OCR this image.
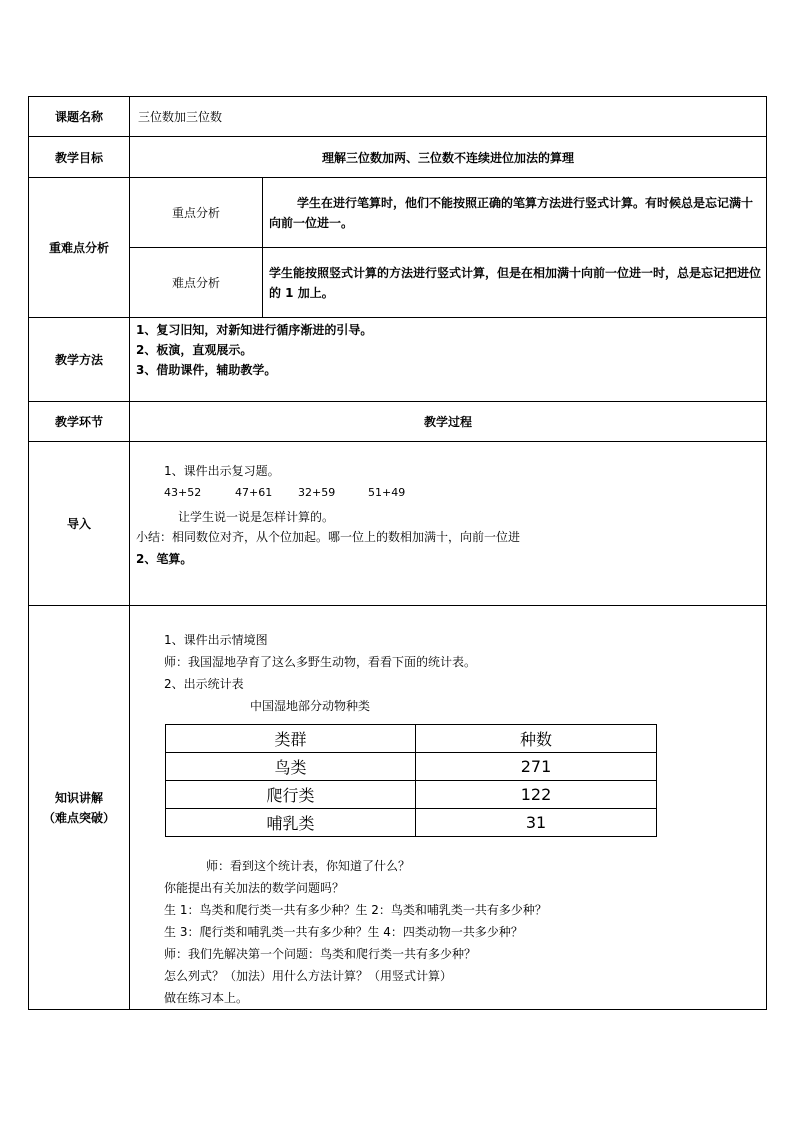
课题名称	三位数加三位数
教学目标	理解三位数加两、三位数不连续进位加法的算理
重难点分析	重点分析	学生在进行笔算时，他们不能按照正确的笔算方法进行竖式计算。有时候总是忘记满十向前一位进一。
难点分析	学生能按照竖式计算的方法进行竖式计算，但是在相加满十向前一位进一时，总是忘记把进位的 1 加上。
教学方法	
1、复习旧知，对新知进行循序渐进的引导。
2、板演，直观展示。
3、借助课件，辅助教学。

教学环节	教学过程
导入	
1、课件出示复习题。
43+52	47+61 32+59	51+49
让学生说一说是怎样计算的。
小结：相同数位对齐，从个位加起。哪一位上的数相加满十，向前一位进
2、笔算。

知识讲解
（难点突破）

1、课件出示情境图
师：我国湿地孕育了这么多野生动物，看看下面的统计表。
2、出示统计表
中国湿地部分动物种类
类群	种数
鸟类	271
爬行类	122
哺乳类	31
师：看到这个统计表，你知道了什么？
你能提出有关加法的数学问题吗？
生 1：鸟类和爬行类一共有多少种？生 2：鸟类和哺乳类一共有多少种？
生 3：爬行类和哺乳类一共有多少种？生 4：四类动物一共多少种？
师：我们先解决第一个问题：鸟类和爬行类一共有多少种？
怎么列式？（加法）用什么方法计算？（用竖式计算）
做在练习本上。
